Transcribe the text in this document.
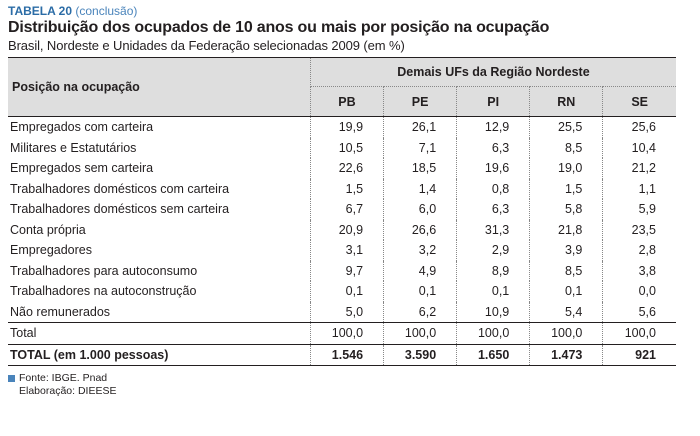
TABELA 20 (conclusão)
Distribuição dos ocupados de 10 anos ou mais por posição na ocupação
Brasil, Nordeste e Unidades da Federação selecionadas 2009 (em %)
Posição na ocupação	Demais UFs da Região Nordeste				
	PB	PE	PI	RN	SE
Empregados com carteira	19,9	26,1	12,9	25,5	25,6
Militares e Estatutários	10,5	7,1	6,3	8,5	10,4
Empregados sem carteira	22,6	18,5	19,6	19,0	21,2
Trabalhadores domésticos com carteira	1,5	1,4	0,8	1,5	1,1
Trabalhadores domésticos sem carteira	6,7	6,0	6,3	5,8	5,9
Conta própria	20,9	26,6	31,3	21,8	23,5
Empregadores	3,1	3,2	2,9	3,9	2,8
Trabalhadores para autoconsumo	9,7	4,9	8,9	8,5	3,8
Trabalhadores na autoconstrução	0,1	0,1	0,1	0,1	0,0
Não remunerados	5,0	6,2	10,9	5,4	5,6
Total	100,0	100,0	100,0	100,0	100,0
TOTAL (em 1.000 pessoas)	1.546	3.590	1.650	1.473	921
Fonte: IBGE. Pnad
Elaboração: DIEESE
